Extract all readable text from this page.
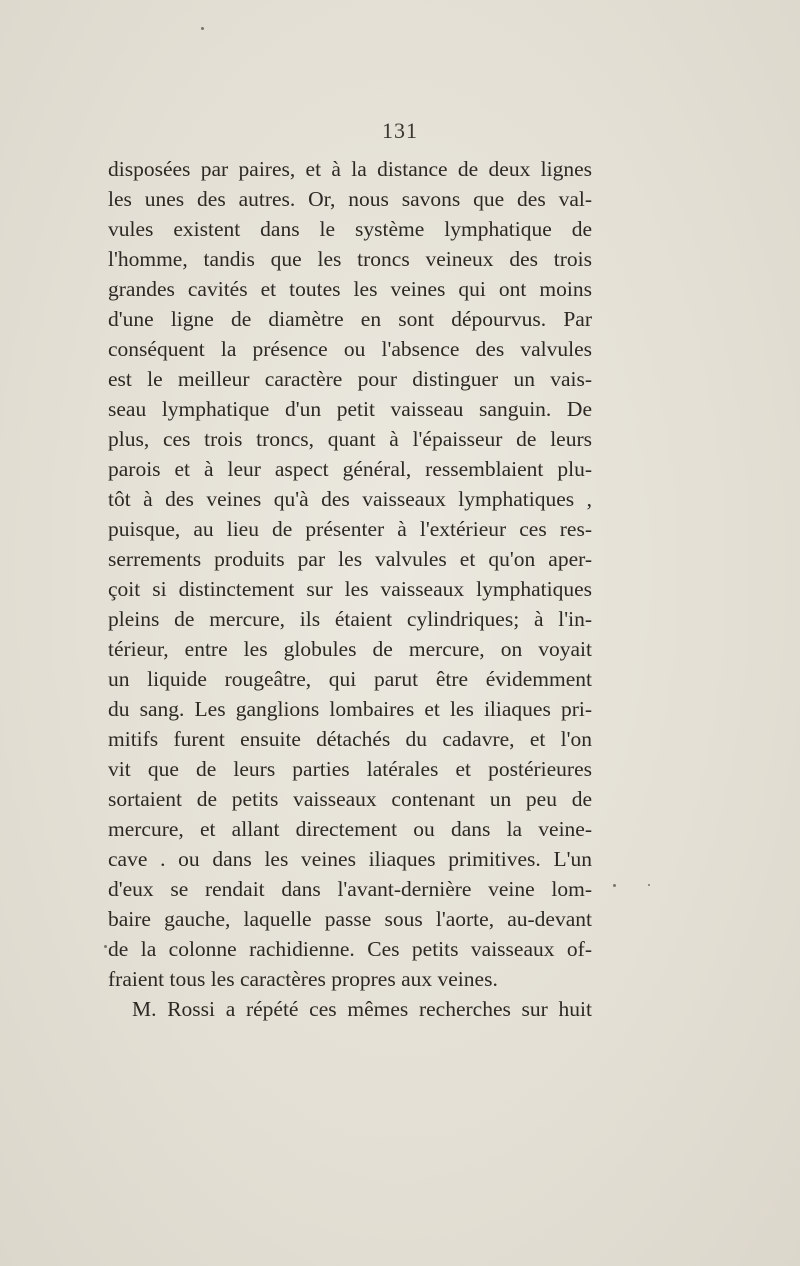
131
disposées par paires, et à la distance de deux lignes
les unes des autres. Or, nous savons que des val-
vules existent dans le système lymphatique de
l'homme, tandis que les troncs veineux des trois
grandes cavités et toutes les veines qui ont moins
d'une ligne de diamètre en sont dépourvus. Par
conséquent la présence ou l'absence des valvules
est le meilleur caractère pour distinguer un vais-
seau lymphatique d'un petit vaisseau sanguin. De
plus, ces trois troncs, quant à l'épaisseur de leurs
parois et à leur aspect général, ressemblaient plu-
tôt à des veines qu'à des vaisseaux lymphatiques ,
puisque, au lieu de présenter à l'extérieur ces res-
serrements produits par les valvules et qu'on aper-
çoit si distinctement sur les vaisseaux lymphatiques
pleins de mercure, ils étaient cylindriques; à l'in-
térieur, entre les globules de mercure, on voyait
un liquide rougeâtre, qui parut être évidemment
du sang. Les ganglions lombaires et les iliaques pri-
mitifs furent ensuite détachés du cadavre, et l'on
vit que de leurs parties latérales et postérieures
sortaient de petits vaisseaux contenant un peu de
mercure, et allant directement ou dans la veine-
cave . ou dans les veines iliaques primitives. L'un
d'eux se rendait dans l'avant-dernière veine lom-
baire gauche, laquelle passe sous l'aorte, au-devant
de la colonne rachidienne. Ces petits vaisseaux of-
fraient tous les caractères propres aux veines.
M. Rossi a répété ces mêmes recherches sur huit
